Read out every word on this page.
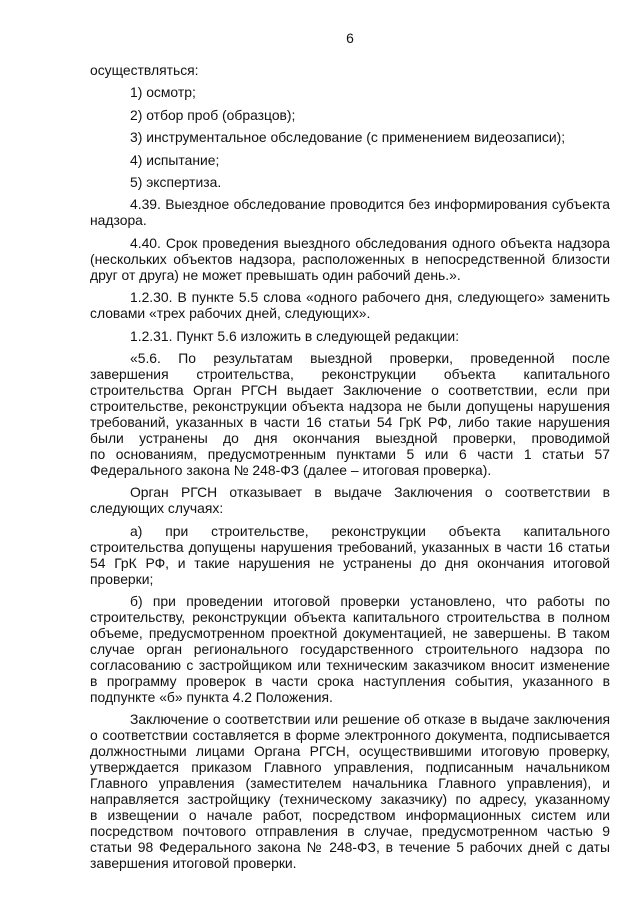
6
осуществляться:
1) осмотр;
2) отбор проб (образцов);
3) инструментальное обследование (с применением видеозаписи);
4) испытание;
5) экспертиза.
4.39. Выездное обследование проводится без информирования субъекта
надзора.
4.40. Срок проведения выездного обследования одного объекта надзора
(нескольких объектов надзора, расположенных в непосредственной близости
друг от друга) не может превышать один рабочий день.».
1.2.30. В пункте 5.5 слова «одного рабочего дня, следующего» заменить
словами «трех рабочих дней, следующих».
1.2.31. Пункт 5.6 изложить в следующей редакции:
«5.6. По результатам выездной проверки, проведенной после
завершения строительства, реконструкции объекта капитального
строительства Орган РГСН выдает Заключение о соответствии, если при
строительстве, реконструкции объекта надзора не были допущены нарушения
требований, указанных в части 16 статьи 54 ГрК РФ, либо такие нарушения
были устранены до дня окончания выездной проверки, проводимой
по основаниям, предусмотренным пунктами 5 или 6 части 1 статьи 57
Федерального закона № 248-ФЗ (далее – итоговая проверка).
Орган РГСН отказывает в выдаче Заключения о соответствии в
следующих случаях:
а) при строительстве, реконструкции объекта капитального
строительства допущены нарушения требований, указанных в части 16 статьи
54 ГрК РФ, и такие нарушения не устранены до дня окончания итоговой
проверки;
б) при проведении итоговой проверки установлено, что работы по
строительству, реконструкции объекта капитального строительства в полном
объеме, предусмотренном проектной документацией, не завершены. В таком
случае орган регионального государственного строительного надзора по
согласованию с застройщиком или техническим заказчиком вносит изменение
в программу проверок в части срока наступления события, указанного в
подпункте «б» пункта 4.2 Положения.
Заключение о соответствии или решение об отказе в выдаче заключения
о соответствии составляется в форме электронного документа, подписывается
должностными лицами Органа РГСН, осуществившими итоговую проверку,
утверждается приказом Главного управления, подписанным начальником
Главного управления (заместителем начальника Главного управления), и
направляется застройщику (техническому заказчику) по адресу, указанному
в извещении о начале работ, посредством информационных систем или
посредством почтового отправления в случае, предусмотренном частью 9
статьи 98 Федерального закона № 248-ФЗ, в течение 5 рабочих дней с даты
завершения итоговой проверки.
